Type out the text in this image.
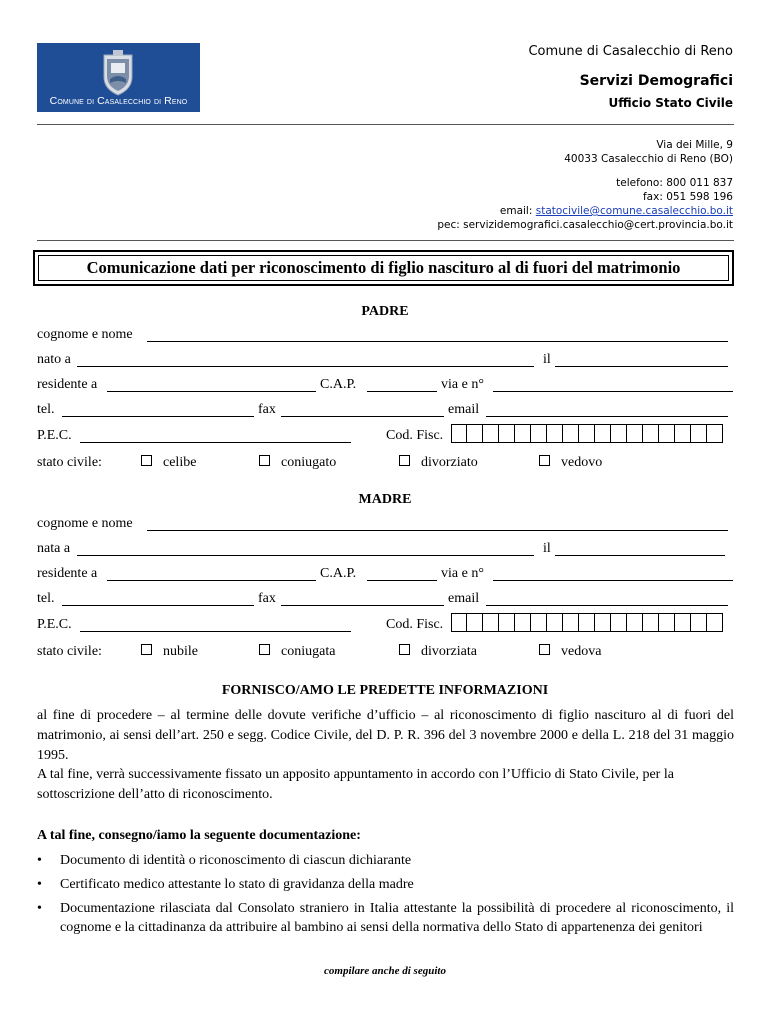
Comune di Casalecchio di Reno
Comune di Casalecchio di Reno
Servizi Demografici
Ufficio Stato Civile
Via dei Mille, 9
40033 Casalecchio di Reno (BO)
telefono: 800 011 837
fax: 051 598 196
email: statocivile@comune.casalecchio.bo.it
pec: servizidemografici.casalecchio@cert.provincia.bo.it
Comunicazione dati per riconoscimento di figlio nascituro al di fuori del matrimonio
PADRE
cognome e nome
nato a	il
residente a	C.A.P.	via e n°
tel.	fax	email
P.E.C.	Cod. Fisc.
stato civile:	celibe	coniugato	divorziato	vedovo
MADRE
cognome e nome
nata a	il
residente a	C.A.P.	via e n°
tel.	fax	email
P.E.C.	Cod. Fisc.
stato civile:	nubile	coniugata	divorziata	vedova
FORNISCO/AMO LE PREDETTE INFORMAZIONI
al fine di procedere – al termine delle dovute verifiche d’ufficio – al riconoscimento di figlio nascituro al di fuori del matrimonio, ai sensi dell’art. 250 e segg. Codice Civile, del D. P. R. 396 del 3 novembre 2000 e della L. 218 del 31 maggio 1995.
A tal fine, verrà successivamente fissato un apposito appuntamento in accordo con l’Ufficio di Stato Civile, per la sottoscrizione dell’atto di riconoscimento.
A tal fine, consegno/iamo la seguente documentazione:
• Documento di identità o riconoscimento di ciascun dichiarante
• Certificato medico attestante lo stato di gravidanza della madre
• Documentazione rilasciata dal Consolato straniero in Italia attestante la possibilità di procedere al riconoscimento, il cognome e la cittadinanza da attribuire al bambino ai sensi della normativa dello Stato di appartenenza dei genitori
compilare anche di seguito
